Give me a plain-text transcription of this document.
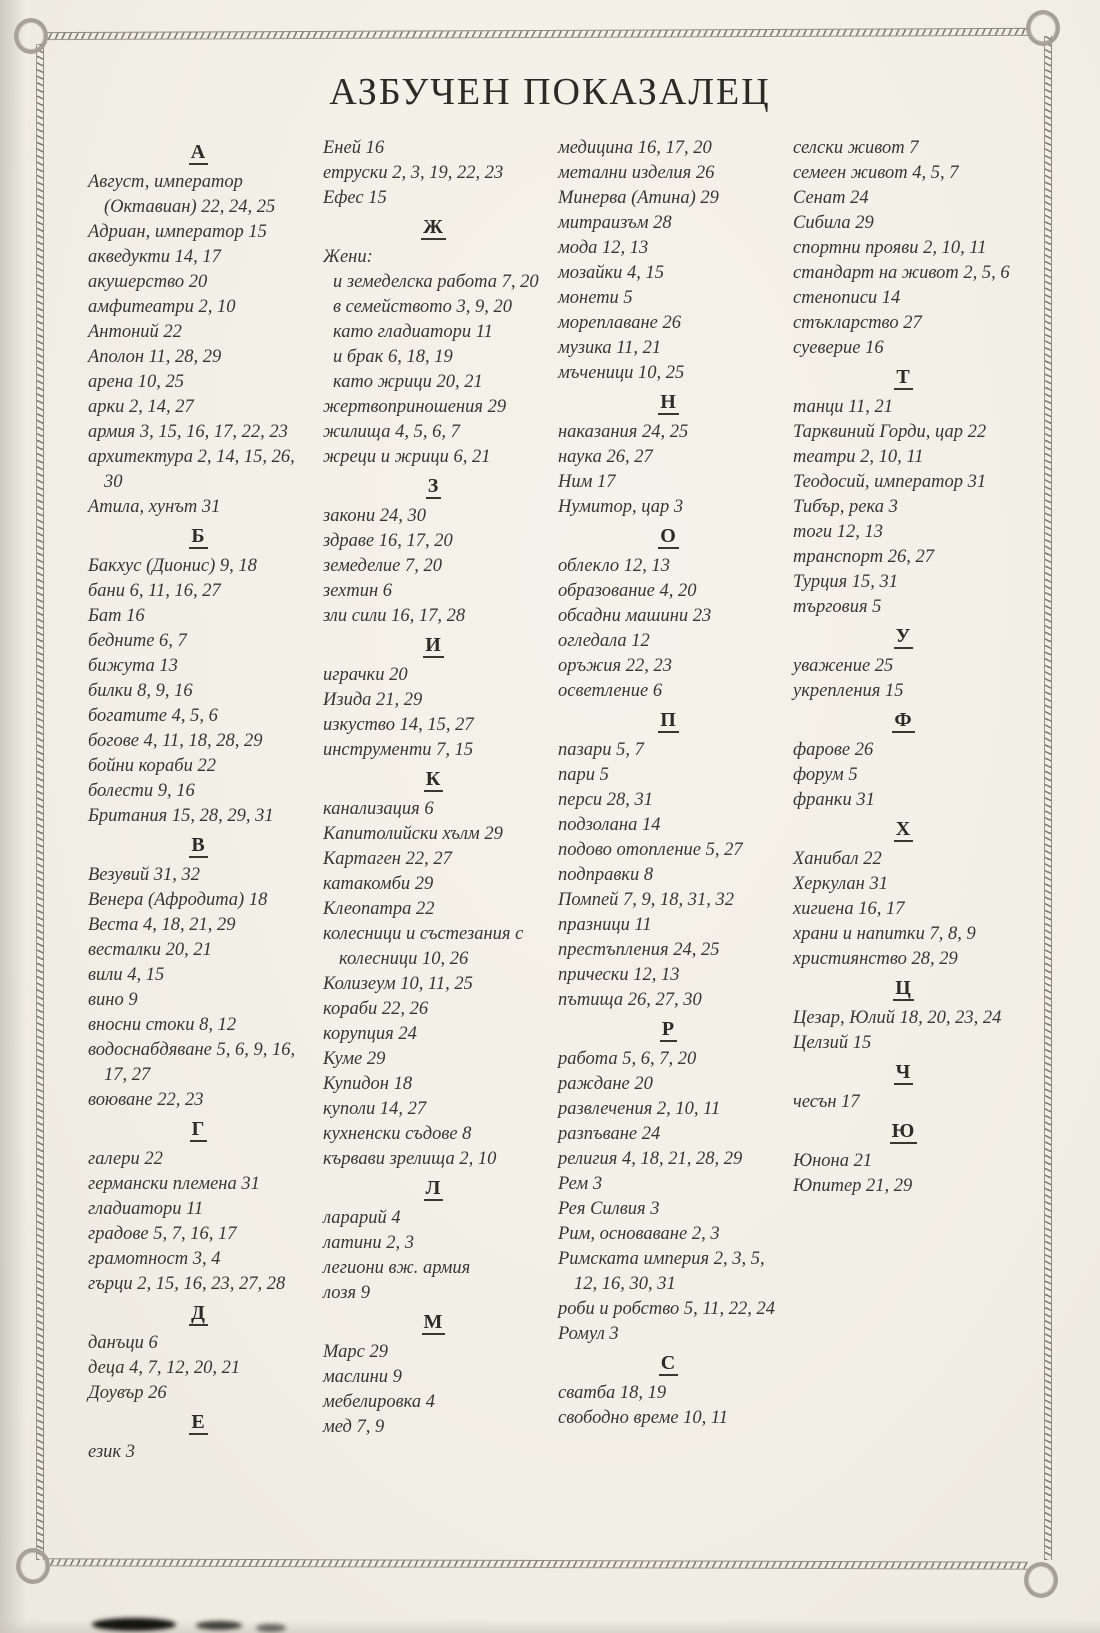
АЗБУЧЕН ПОКАЗАЛЕЦ
А
Август, император (Октавиан) 22, 24, 25
Адриан, император 15
акведукти 14, 17
акушерство 20
амфитеатри 2, 10
Антоний 22
Аполон 11, 28, 29
арена 10, 25
арки 2, 14, 27
армия 3, 15, 16, 17, 22, 23
архитектура 2, 14, 15, 26, 30
Атила, хунът 31
Б
Бакхус (Дионис) 9, 18
бани 6, 11, 16, 27
Бат 16
бедните 6, 7
бижута 13
билки 8, 9, 16
богатите 4, 5, 6
богове 4, 11, 18, 28, 29
бойни кораби 22
болести 9, 16
Британия 15, 28, 29, 31
В
Везувий 31, 32
Венера (Афродита) 18
Веста 4, 18, 21, 29
весталки 20, 21
вили 4, 15
вино 9
вносни стоки 8, 12
водоснабдяване 5, 6, 9, 16, 17, 27
воюване 22, 23
Г
галери 22
германски племена 31
гладиатори 11
градове 5, 7, 16, 17
грамотност 3, 4
гърци 2, 15, 16, 23, 27, 28
Д
данъци 6
деца 4, 7, 12, 20, 21
Доувър 26
Е
език 3
Еней 16
етруски 2, 3, 19, 22, 23
Ефес 15
Ж
Жени:
и земеделска работа 7, 20
в семейството 3, 9, 20
като гладиатори 11
и брак 6, 18, 19
като жрици 20, 21
жертвоприношения 29
жилища 4, 5, 6, 7
жреци и жрици 6, 21
З
закони 24, 30
здраве 16, 17, 20
земеделие 7, 20
зехтин 6
зли сили 16, 17, 28
И
играчки 20
Изида 21, 29
изкуство 14, 15, 27
инструменти 7, 15
К
канализация 6
Капитолийски хълм 29
Картаген 22, 27
катакомби 29
Клеопатра 22
колесници и състезания с колесници 10, 26
Колизеум 10, 11, 25
кораби 22, 26
корупция 24
Куме 29
Купидон 18
куполи 14, 27
кухненски съдове 8
кървави зрелища 2, 10
Л
ларарий 4
латини 2, 3
легиони вж. армия
лозя 9
М
Марс 29
маслини 9
мебелировка 4
мед 7, 9
медицина 16, 17, 20
метални изделия 26
Минерва (Атина) 29
митраизъм 28
мода 12, 13
мозайки 4, 15
монети 5
мореплаване 26
музика 11, 21
мъченици 10, 25
Н
наказания 24, 25
наука 26, 27
Ним 17
Нумитор, цар 3
О
облекло 12, 13
образование 4, 20
обсадни машини 23
огледала 12
оръжия 22, 23
осветление 6
П
пазари 5, 7
пари 5
перси 28, 31
подзолана 14
подово отопление 5, 27
подправки 8
Помпей 7, 9, 18, 31, 32
празници 11
престъпления 24, 25
прически 12, 13
пътища 26, 27, 30
Р
работа 5, 6, 7, 20
раждане 20
развлечения 2, 10, 11
разпъване 24
религия 4, 18, 21, 28, 29
Рем 3
Рея Силвия 3
Рим, основаване 2, 3
Римската империя 2, 3, 5, 12, 16, 30, 31
роби и робство 5, 11, 22, 24
Ромул 3
С
сватба 18, 19
свободно време 10, 11
селски живот 7
семеен живот 4, 5, 7
Сенат 24
Сибила 29
спортни прояви 2, 10, 11
стандарт на живот 2, 5, 6
стенописи 14
стъкларство 27
суеверие 16
Т
танци 11, 21
Тарквиний Горди, цар 22
театри 2, 10, 11
Теодосий, император 31
Тибър, река 3
тоги 12, 13
транспорт 26, 27
Турция 15, 31
търговия 5
У
уважение 25
укрепления 15
Ф
фарове 26
форум 5
франки 31
Х
Ханибал 22
Херкулан 31
хигиена 16, 17
храни и напитки 7, 8, 9
християнство 28, 29
Ц
Цезар, Юлий 18, 20, 23, 24
Целзий 15
Ч
чесън 17
Ю
Юнона 21
Юпитер 21, 29
